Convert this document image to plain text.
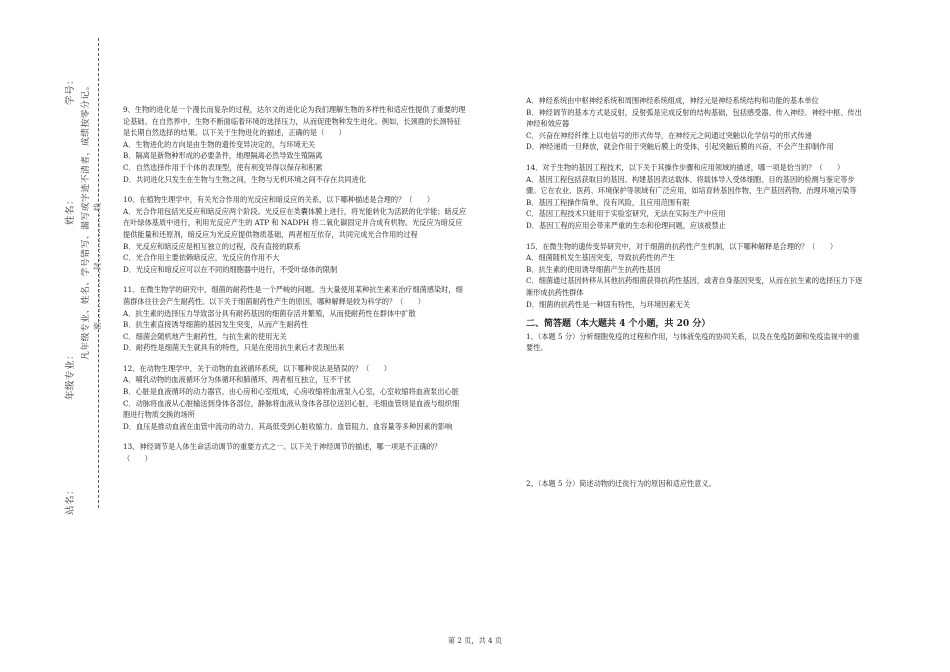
站名：
年级专业：
凡年级专业、姓名、学号错写、漏写或字迹不清者，成绩按零分记。
姓名：
学号：
密………………封………………线

9、生物的进化是一个漫长而复杂的过程，达尔文的进化论为我们理解生物的多样性和适应性提供了重要的理论基础。在自然界中，生物不断面临着环境的选择压力，从而促使物种发生进化。例如，长颈鹿的长颈特征是长期自然选择的结果。以下关于生物进化的描述，正确的是（　　）

A．生物进化的方向是由生物的遗传变异决定的，与环境无关

B．隔离是新物种形成的必要条件，地理隔离必然导致生殖隔离

C．自然选择作用于个体的表现型，使有利变异得以保存和积累

D．共同进化只发生在生物与生物之间，生物与无机环境之间不存在共同进化

10、在植物生理学中，有关光合作用的光反应和暗反应的关系，以下哪种描述是合理的？（　　）

A．光合作用包括光反应和暗反应两个阶段。光反应在类囊体膜上进行，将光能转化为活跃的化学能；暗反应在叶绿体基质中进行，利用光反应产生的 ATP 和 NADPH 将二氧化碳固定并合成有机物。光反应为暗反应提供能量和还原剂，暗反应为光反应提供物质基础，两者相互依存，共同完成光合作用的过程

B．光反应和暗反应是相互独立的过程，没有直接的联系

C．光合作用主要依赖暗反应，光反应的作用不大

D．光反应和暗反应可以在不同的细胞器中进行，不受叶绿体的限制

11、在微生物学的研究中，细菌的耐药性是一个严峻的问题。当大量使用某种抗生素来治疗细菌感染时，细菌群体往往会产生耐药性。以下关于细菌耐药性产生的原因，哪种解释是较为科学的？（　　）

A．抗生素的选择压力导致部分具有耐药基因的细菌存活并繁殖，从而使耐药性在群体中扩散

B．抗生素直接诱导细菌的基因发生突变，从而产生耐药性

C．细菌会随机地产生耐药性，与抗生素的使用无关

D．耐药性是细菌天生就具有的特性，只是在使用抗生素后才表现出来

12、在动物生理学中，关于动物的血液循环系统，以下哪种说法是错误的？（　　）

A．哺乳动物的血液循环分为体循环和肺循环，两者相互独立，互不干扰

B．心脏是血液循环的动力器官，由心房和心室组成，心房收缩将血液泵入心室，心室收缩将血液泵出心脏

C．动脉将血液从心脏输送到身体各部位，静脉将血液从身体各部位送回心脏，毛细血管则是血液与组织细胞进行物质交换的场所

D．血压是推动血液在血管中流动的动力，其高低受到心脏收缩力、血管阻力、血容量等多种因素的影响

13、神经调节是人体生命活动调节的重要方式之一。以下关于神经调节的描述，哪一项是不正确的？（　　）

A．神经系统由中枢神经系统和周围神经系统组成，神经元是神经系统结构和功能的基本单位

B．神经调节的基本方式是反射，反射弧是完成反射的结构基础，包括感受器、传入神经、神经中枢、传出神经和效应器

C．兴奋在神经纤维上以电信号的形式传导，在神经元之间通过突触以化学信号的形式传递

D．神经递质一旦释放，就会作用于突触后膜上的受体，引起突触后膜的兴奋，不会产生抑制作用

14、对于生物的基因工程技术，以下关于其操作步骤和应用领域的描述，哪一项是恰当的？（　　）

A．基因工程包括获取目的基因、构建基因表达载体、将载体导入受体细胞、目的基因的检测与鉴定等步骤。它在农业、医药、环境保护等领域有广泛应用，如培育转基因作物、生产基因药物、治理环境污染等

B．基因工程操作简单，没有风险，且应用范围有限

C．基因工程技术只能用于实验室研究，无法在实际生产中应用

D．基因工程的应用会带来严重的生态和伦理问题，应该被禁止

15、在微生物的遗传变异研究中，对于细菌的抗药性产生机制，以下哪种解释是合理的？（　　）

A．细菌随机发生基因突变，导致抗药性的产生

B．抗生素的使用诱导细菌产生抗药性基因

C．细菌通过基因转移从其他抗药细菌获得抗药性基因，或者自身基因突变，从而在抗生素的选择压力下逐渐形成抗药性群体

D．细菌的抗药性是一种固有特性，与环境因素无关

二、简答题（本大题共 4 个小题，共 20 分）

1、（本题 5 分）分析细胞免疫的过程和作用，与体液免疫的协同关系，以及在免疫防御和免疫监视中的重要性。

2、（本题 5 分）简述动物的迁徙行为的原因和适应性意义。

第 2 页，共 4 页
